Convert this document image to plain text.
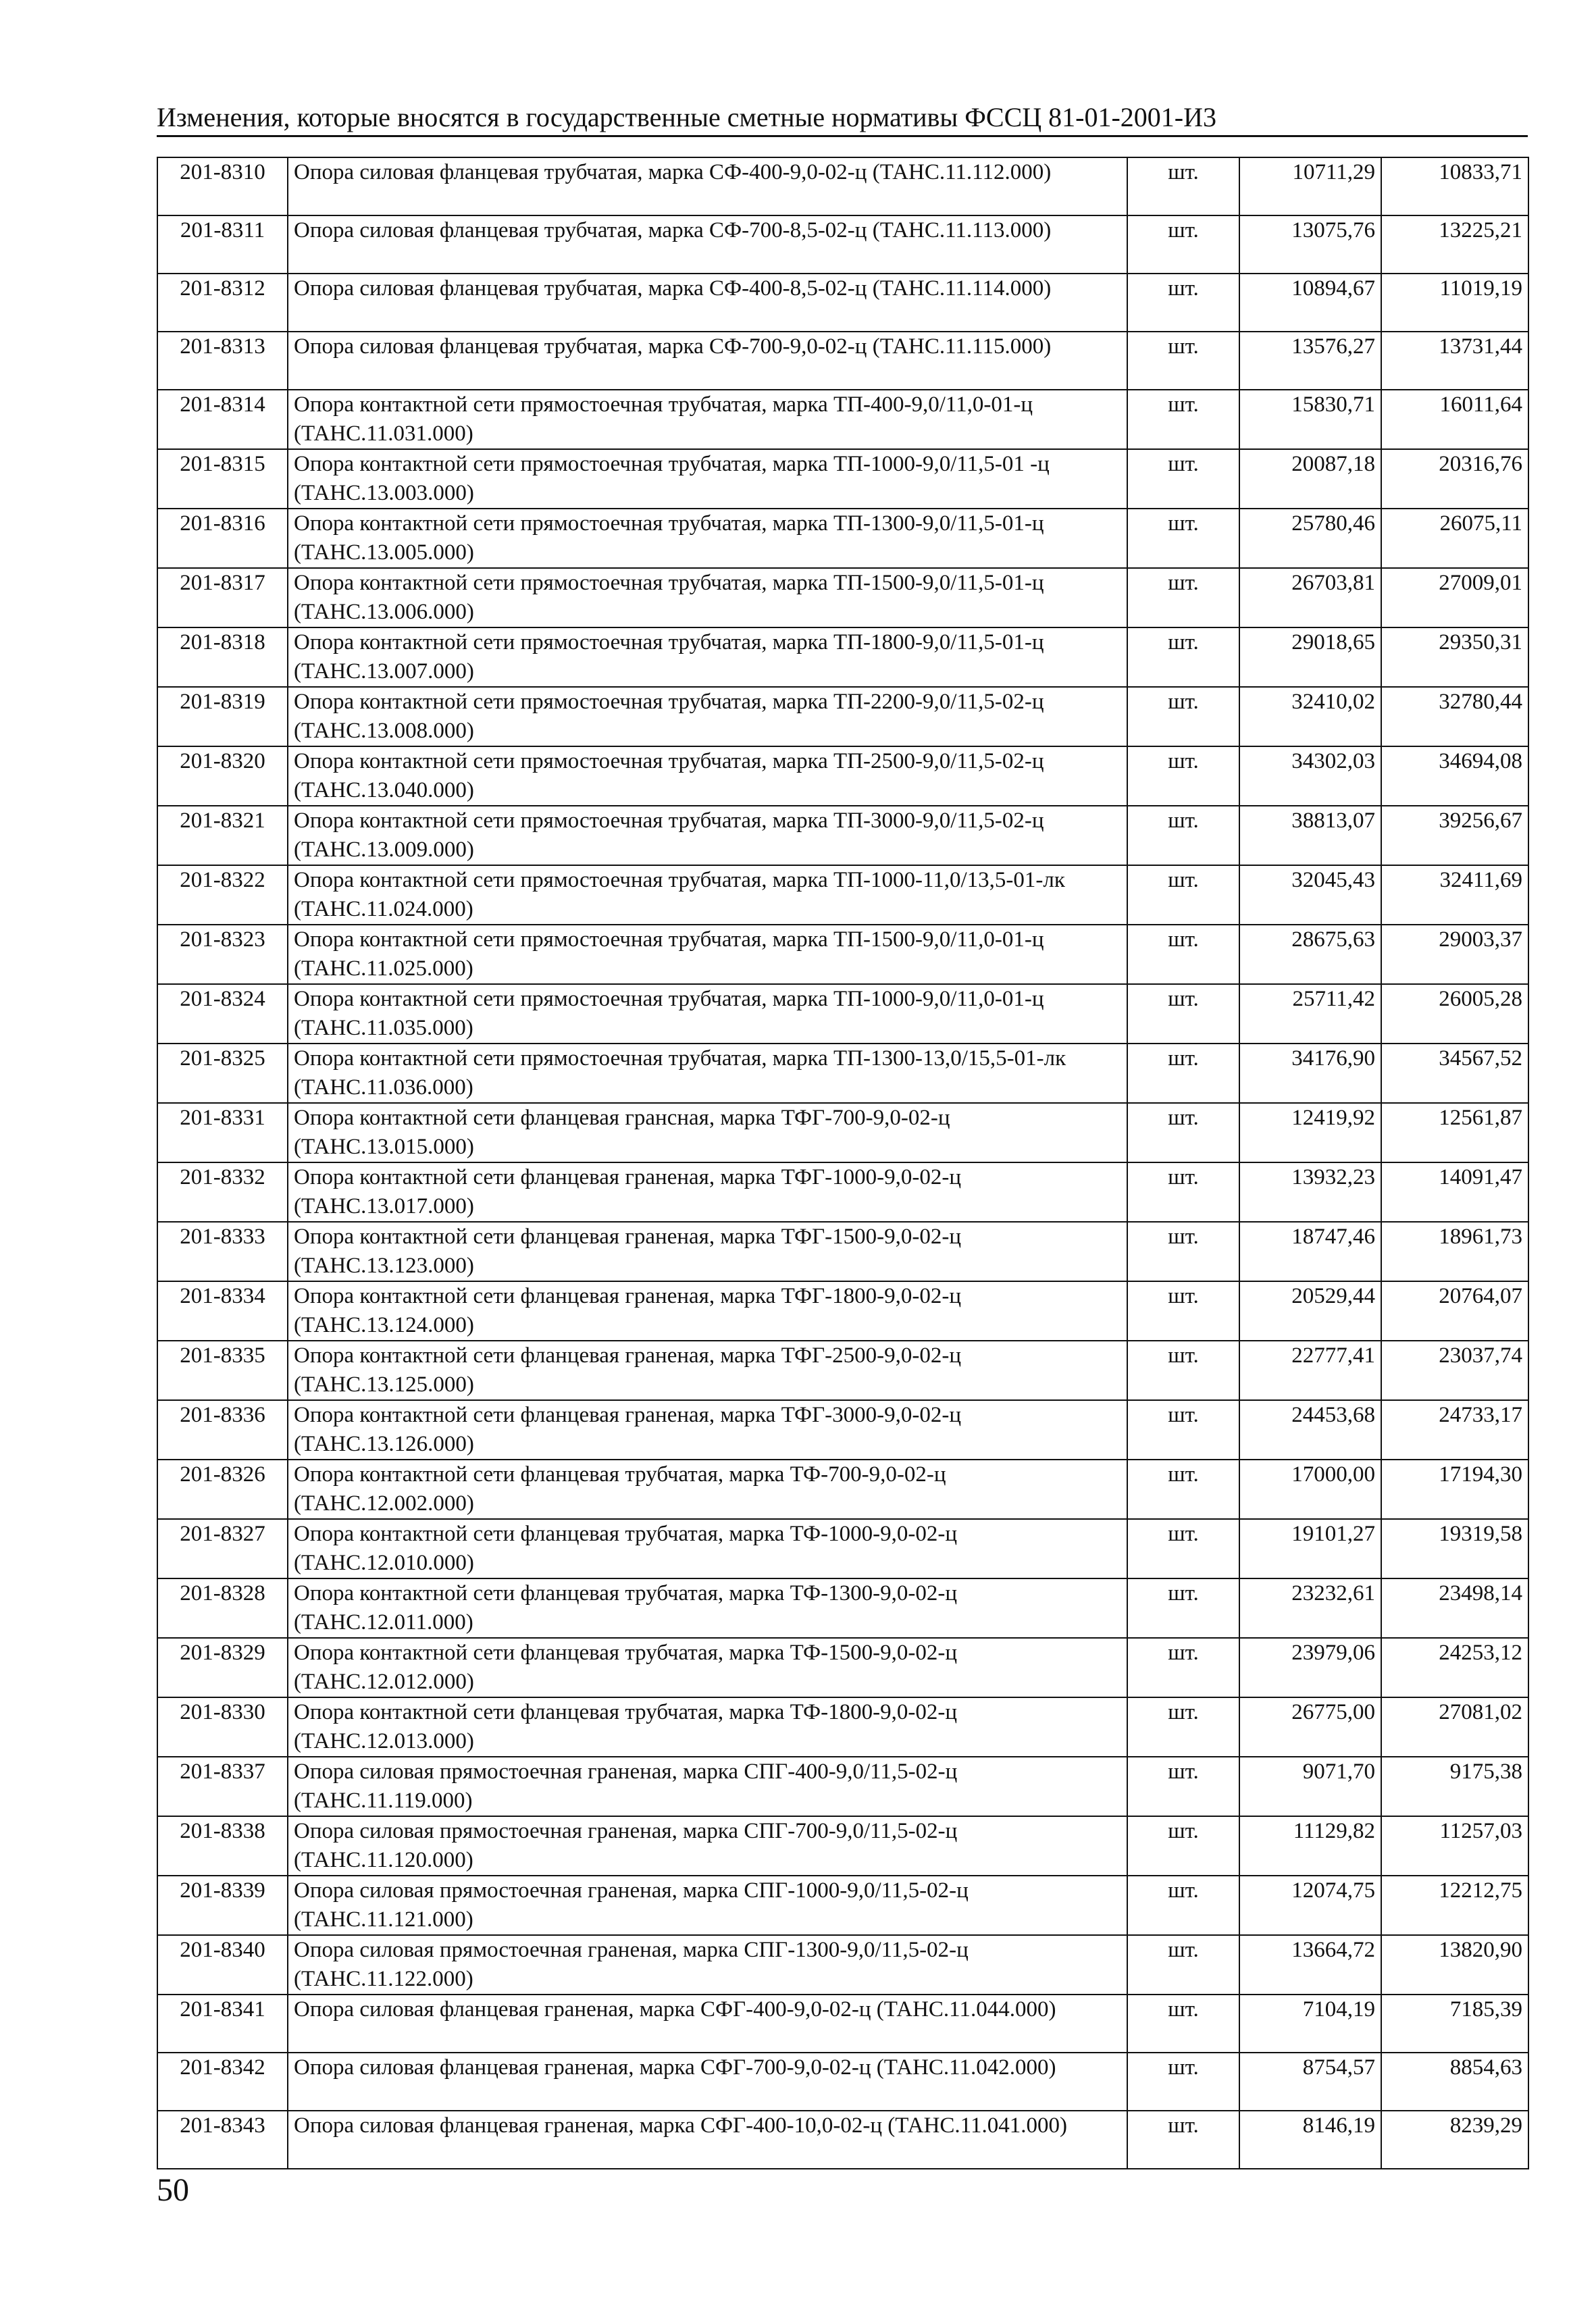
Изменения, которые вносятся в государственные сметные нормативы ФССЦ 81-01-2001-И3
201-8310	Опора силовая фланцевая трубчатая, марка СФ-400-9,0-02-ц (ТАНС.11.112.000)	шт.	10711,29	10833,71
201-8311	Опора силовая фланцевая трубчатая, марка СФ-700-8,5-02-ц (ТАНС.11.113.000)	шт.	13075,76	13225,21
201-8312	Опора силовая фланцевая трубчатая, марка СФ-400-8,5-02-ц (ТАНС.11.114.000)	шт.	10894,67	11019,19
201-8313	Опора силовая фланцевая трубчатая, марка СФ-700-9,0-02-ц (ТАНС.11.115.000)	шт.	13576,27	13731,44
201-8314	Опора контактной сети прямостоечная трубчатая, марка ТП-400-9,0/11,0-01-ц (ТАНС.11.031.000)	шт.	15830,71	16011,64
201-8315	Опора контактной сети прямостоечная трубчатая, марка ТП-1000-9,0/11,5-01 -ц (ТАНС.13.003.000)	шт.	20087,18	20316,76
201-8316	Опора контактной сети прямостоечная трубчатая, марка ТП-1300-9,0/11,5-01-ц (ТАНС.13.005.000)	шт.	25780,46	26075,11
201-8317	Опора контактной сети прямостоечная трубчатая, марка ТП-1500-9,0/11,5-01-ц (ТАНС.13.006.000)	шт.	26703,81	27009,01
201-8318	Опора контактной сети прямостоечная трубчатая, марка ТП-1800-9,0/11,5-01-ц (ТАНС.13.007.000)	шт.	29018,65	29350,31
201-8319	Опора контактной сети прямостоечная трубчатая, марка ТП-2200-9,0/11,5-02-ц (ТАНС.13.008.000)	шт.	32410,02	32780,44
201-8320	Опора контактной сети прямостоечная трубчатая, марка ТП-2500-9,0/11,5-02-ц (ТАНС.13.040.000)	шт.	34302,03	34694,08
201-8321	Опора контактной сети прямостоечная трубчатая, марка ТП-3000-9,0/11,5-02-ц (ТАНС.13.009.000)	шт.	38813,07	39256,67
201-8322	Опора контактной сети прямостоечная трубчатая, марка ТП-1000-11,0/13,5-01-лк (ТАНС.11.024.000)	шт.	32045,43	32411,69
201-8323	Опора контактной сети прямостоечная трубчатая, марка ТП-1500-9,0/11,0-01-ц (ТАНС.11.025.000)	шт.	28675,63	29003,37
201-8324	Опора контактной сети прямостоечная трубчатая, марка ТП-1000-9,0/11,0-01-ц (ТАНС.11.035.000)	шт.	25711,42	26005,28
201-8325	Опора контактной сети прямостоечная трубчатая, марка ТП-1300-13,0/15,5-01-лк (ТАНС.11.036.000)	шт.	34176,90	34567,52
201-8331	Опора контактной сети фланцевая грансная, марка ТФГ-700-9,0-02-ц (ТАНС.13.015.000)	шт.	12419,92	12561,87
201-8332	Опора контактной сети фланцевая граненая, марка ТФГ-1000-9,0-02-ц (ТАНС.13.017.000)	шт.	13932,23	14091,47
201-8333	Опора контактной сети фланцевая граненая, марка ТФГ-1500-9,0-02-ц (ТАНС.13.123.000)	шт.	18747,46	18961,73
201-8334	Опора контактной сети фланцевая граненая, марка ТФГ-1800-9,0-02-ц (ТАНС.13.124.000)	шт.	20529,44	20764,07
201-8335	Опора контактной сети фланцевая граненая, марка ТФГ-2500-9,0-02-ц (ТАНС.13.125.000)	шт.	22777,41	23037,74
201-8336	Опора контактной сети фланцевая граненая, марка ТФГ-3000-9,0-02-ц (ТАНС.13.126.000)	шт.	24453,68	24733,17
201-8326	Опора контактной сети фланцевая трубчатая, марка ТФ-700-9,0-02-ц (ТАНС.12.002.000)	шт.	17000,00	17194,30
201-8327	Опора контактной сети фланцевая трубчатая, марка ТФ-1000-9,0-02-ц (ТАНС.12.010.000)	шт.	19101,27	19319,58
201-8328	Опора контактной сети фланцевая трубчатая, марка ТФ-1300-9,0-02-ц (ТАНС.12.011.000)	шт.	23232,61	23498,14
201-8329	Опора контактной сети фланцевая трубчатая, марка ТФ-1500-9,0-02-ц (ТАНС.12.012.000)	шт.	23979,06	24253,12
201-8330	Опора контактной сети фланцевая трубчатая, марка ТФ-1800-9,0-02-ц (ТАНС.12.013.000)	шт.	26775,00	27081,02
201-8337	Опора силовая прямостоечная граненая, марка СПГ-400-9,0/11,5-02-ц (ТАНС.11.119.000)	шт.	9071,70	9175,38
201-8338	Опора силовая прямостоечная граненая, марка СПГ-700-9,0/11,5-02-ц (ТАНС.11.120.000)	шт.	11129,82	11257,03
201-8339	Опора силовая прямостоечная граненая, марка СПГ-1000-9,0/11,5-02-ц (ТАНС.11.121.000)	шт.	12074,75	12212,75
201-8340	Опора силовая прямостоечная граненая, марка СПГ-1300-9,0/11,5-02-ц (ТАНС.11.122.000)	шт.	13664,72	13820,90
201-8341	Опора силовая фланцевая граненая, марка СФГ-400-9,0-02-ц (ТАНС.11.044.000)	шт.	7104,19	7185,39
201-8342	Опора силовая фланцевая граненая, марка СФГ-700-9,0-02-ц (ТАНС.11.042.000)	шт.	8754,57	8854,63
201-8343	Опора силовая фланцевая граненая, марка СФГ-400-10,0-02-ц (ТАНС.11.041.000)	шт.	8146,19	8239,29
50
